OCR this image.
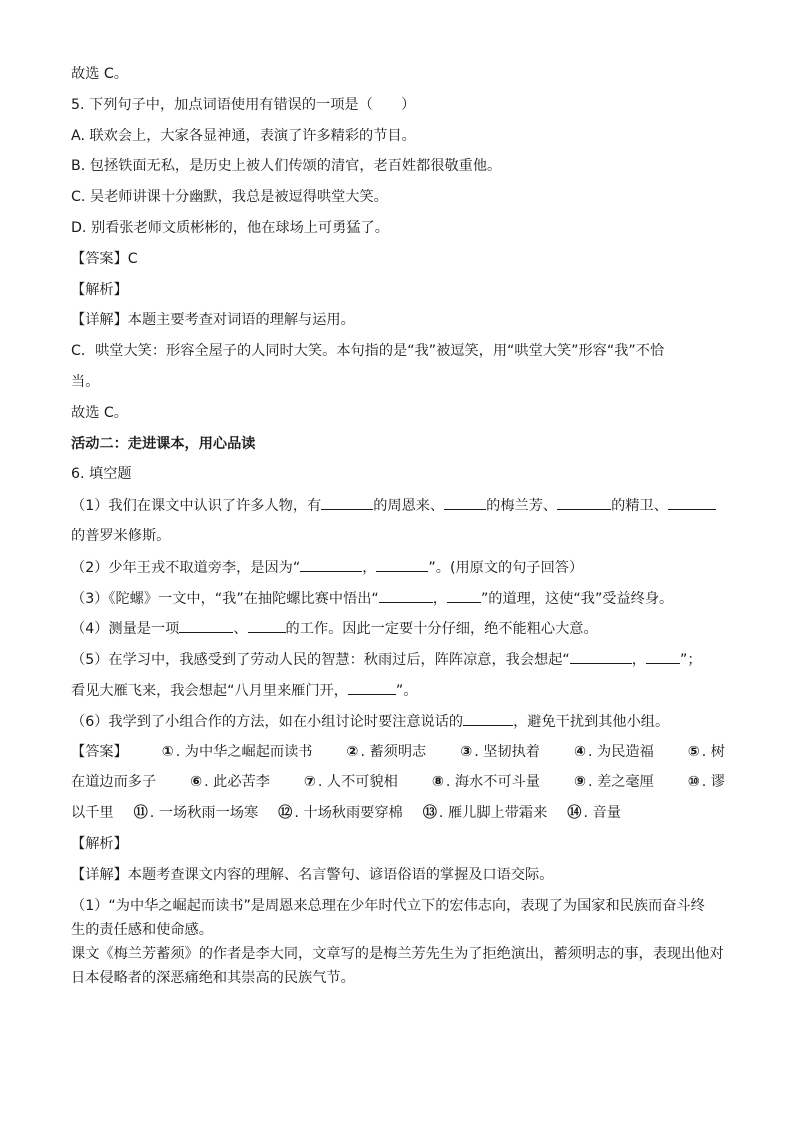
故选 C。

5. 下列句子中，加点词语使用有错误的一项是（　　）

A. 联欢会上，大家各显神通，表演了许多精彩的节目。

B. 包拯铁面无私，是历史上被人们传颂的清官，老百姓都很敬重他。

C. 吴老师讲课十分幽默，我总是被逗得哄堂大笑。

D. 别看张老师文质彬彬的，他在球场上可勇猛了。

【答案】C

【解析】

【详解】本题主要考查对词语的理解与运用。

C．哄堂大笑：形容全屋子的人同时大笑。本句指的是“我”被逗笑，用“哄堂大笑”形容“我”不恰

当。

故选 C。

活动二：走进课本，用心品读

6. 填空题

（1）我们在课文中认识了许多人物，有	的周恩来、	的梅兰芳、	的精卫、

的普罗米修斯。

（2）少年王戎不取道旁李，是因为“	，	”。(用原文的句子回答）

（3）《陀螺》一文中，“我”在抽陀螺比赛中悟出“	， ”的道理，这使“我”受益终身。

（4）测量是一项	、	的工作。因此一定要十分仔细，绝不能粗心大意。

（5）在学习中，我感受到了劳动人民的智慧：秋雨过后，阵阵凉意，我会想起“	， ”；

看见大雁飞来，我会想起“八月里来雁门开，	”。

（6）我学到了小组合作的方法，如在小组讨论时要注意说话的	，避免干扰到其他小组。

【答案】 ① . 为中华之崛起而读书 ② . 蓄须明志 ③ . 坚韧执着 ④ . 为民造福 ⑤ . 树
在道边而多子 ⑥ . 此必苦李 ⑦ . 人不可貌相 ⑧ . 海水不可斗量 ⑨ . 差之毫厘 ⑩ . 谬
以千里 ⑪ . 一场秋雨一场寒 ⑫ . 十场秋雨要穿棉 ⑬ . 雁儿脚上带霜来 ⑭ . 音量

【解析】

【详解】本题考查课文内容的理解、名言警句、谚语俗语的掌握及口语交际。

（1）“为中华之崛起而读书”是周恩来总理在少年时代立下的宏伟志向，表现了为国家和民族而奋斗终

生的责任感和使命感。

课文《梅兰芳蓄须》的作者是李大同，文章写的是梅兰芳先生为了拒绝演出，蓄须明志的事，表现出他对

日本侵略者的深恶痛绝和其崇高的民族气节。
